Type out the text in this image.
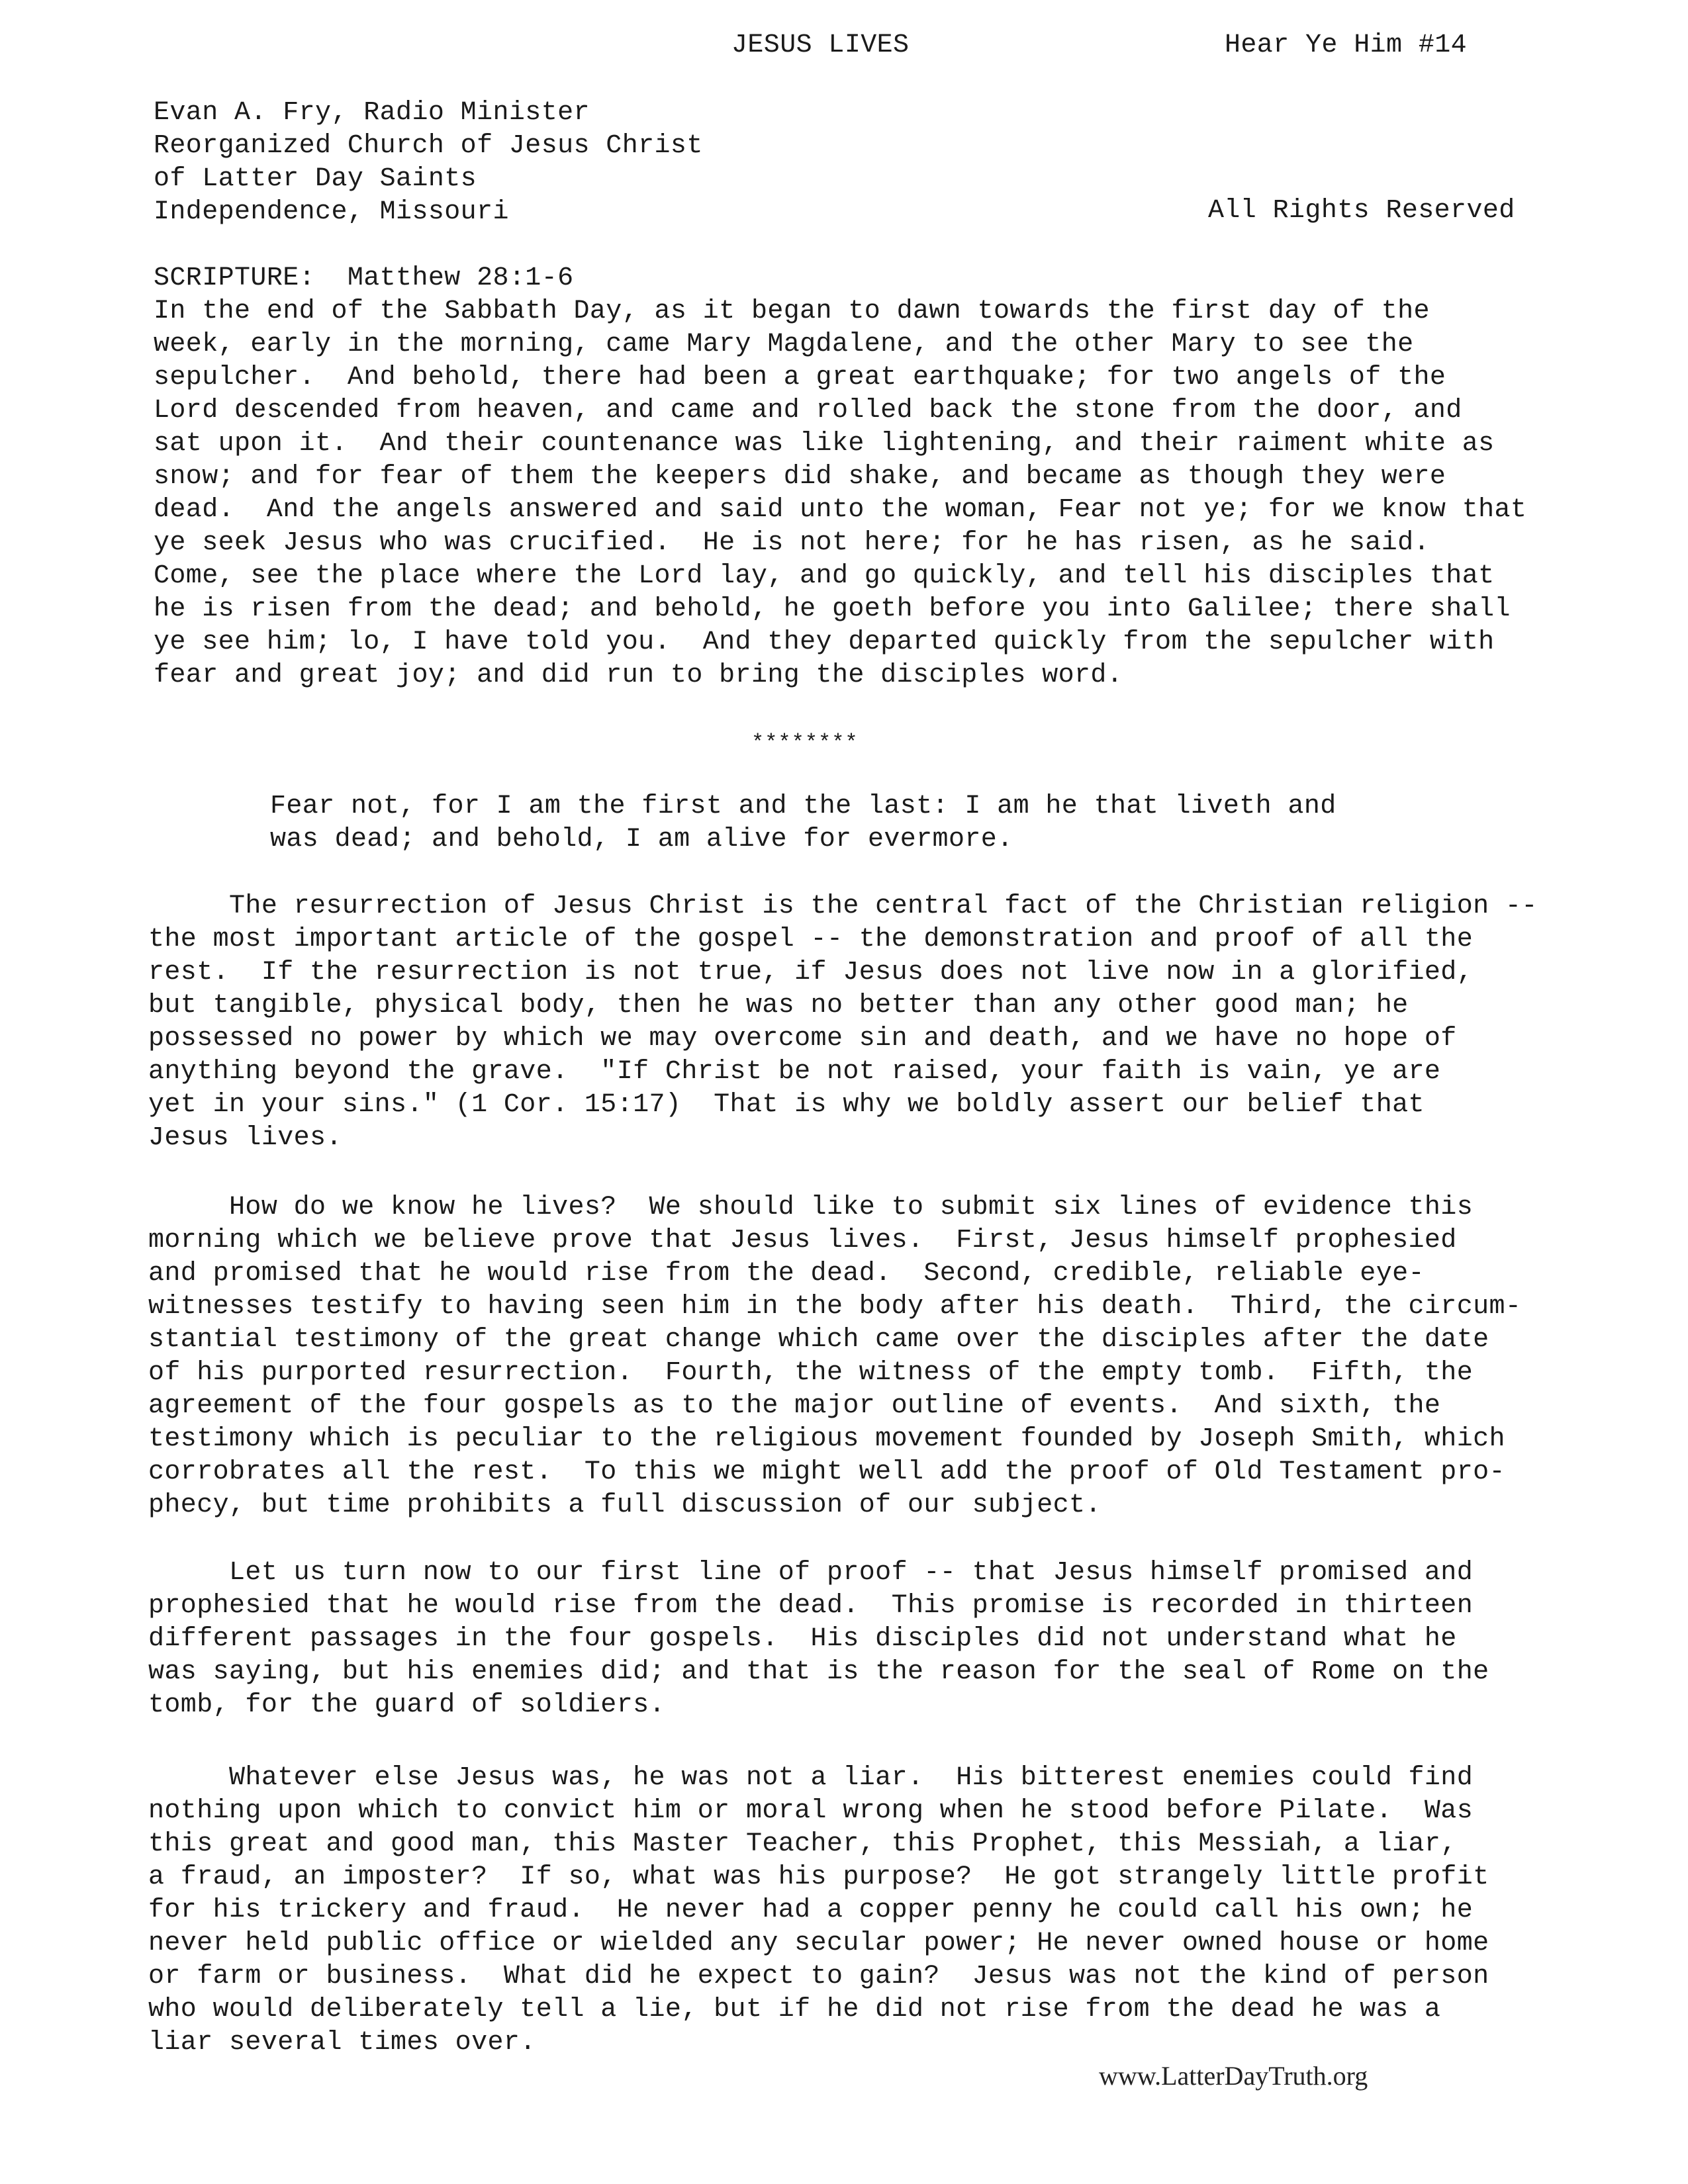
JESUS LIVES	Hear Ye Him #14
Evan A. Fry, Radio Minister
Reorganized Church of Jesus Christ
of Latter Day Saints
Independence, Missouri	All Rights Reserved
SCRIPTURE:  Matthew 28:1-6
In the end of the Sabbath Day, as it began to dawn towards the first day of the
week, early in the morning, came Mary Magdalene, and the other Mary to see the
sepulcher.  And behold, there had been a great earthquake; for two angels of the
Lord descended from heaven, and came and rolled back the stone from the door, and
sat upon it.  And their countenance was like lightening, and their raiment white as
snow; and for fear of them the keepers did shake, and became as though they were
dead.  And the angels answered and said unto the woman, Fear not ye; for we know that
ye seek Jesus who was crucified.  He is not here; for he has risen, as he said.
Come, see the place where the Lord lay, and go quickly, and tell his disciples that
he is risen from the dead; and behold, he goeth before you into Galilee; there shall
ye see him; lo, I have told you.  And they departed quickly from the sepulcher with
fear and great joy; and did run to bring the disciples word.
********
Fear not, for I am the first and the last: I am he that liveth and
was dead; and behold, I am alive for evermore.
The resurrection of Jesus Christ is the central fact of the Christian religion --
the most important article of the gospel -- the demonstration and proof of all the
rest.  If the resurrection is not true, if Jesus does not live now in a glorified,
but tangible, physical body, then he was no better than any other good man; he
possessed no power by which we may overcome sin and death, and we have no hope of
anything beyond the grave.  "If Christ be not raised, your faith is vain, ye are
yet in your sins." (1 Cor. 15:17)  That is why we boldly assert our belief that
Jesus lives.
How do we know he lives?  We should like to submit six lines of evidence this
morning which we believe prove that Jesus lives.  First, Jesus himself prophesied
and promised that he would rise from the dead.  Second, credible, reliable eye-
witnesses testify to having seen him in the body after his death.  Third, the circum-
stantial testimony of the great change which came over the disciples after the date
of his purported resurrection.  Fourth, the witness of the empty tomb.  Fifth, the
agreement of the four gospels as to the major outline of events.  And sixth, the
testimony which is peculiar to the religious movement founded by Joseph Smith, which
corrobrates all the rest.  To this we might well add the proof of Old Testament pro-
phecy, but time prohibits a full discussion of our subject.
Let us turn now to our first line of proof -- that Jesus himself promised and
prophesied that he would rise from the dead.  This promise is recorded in thirteen
different passages in the four gospels.  His disciples did not understand what he
was saying, but his enemies did; and that is the reason for the seal of Rome on the
tomb, for the guard of soldiers.
Whatever else Jesus was, he was not a liar.  His bitterest enemies could find
nothing upon which to convict him or moral wrong when he stood before Pilate.  Was
this great and good man, this Master Teacher, this Prophet, this Messiah, a liar,
a fraud, an imposter?  If so, what was his purpose?  He got strangely little profit
for his trickery and fraud.  He never had a copper penny he could call his own; he
never held public office or wielded any secular power; He never owned house or home
or farm or business.  What did he expect to gain?  Jesus was not the kind of person
who would deliberately tell a lie, but if he did not rise from the dead he was a
liar several times over.
www.LatterDayTruth.org
